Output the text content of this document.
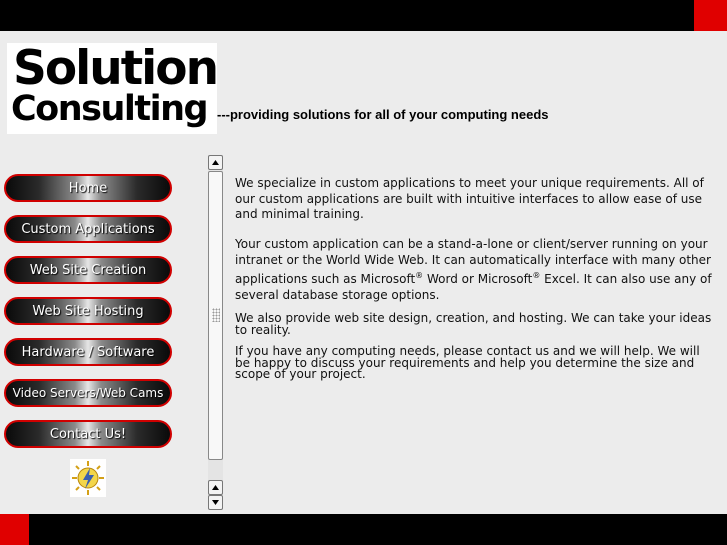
Solution
Consulting ---providing solutions for all of your computing needs
Home
Custom Applications
Web Site Creation
Web Site Hosting
Hardware / Software
Video Servers/Web Cams
Contact Us!

We specialize in custom applications to meet your unique requirements. All of our custom applications are built with intuitive interfaces to allow ease of use and minimal training.

Your custom application can be a stand-a-lone or client/server running on your intranet or the World Wide Web. It can automatically interface with many other applications such as Microsoft® Word or Microsoft® Excel. It can also use any of several database storage options.

We also provide web site design, creation, and hosting. We can take your ideas to reality.

If you have any computing needs, please contact us and we will help. We will be happy to discuss your requirements and help you determine the size and scope of your project.
